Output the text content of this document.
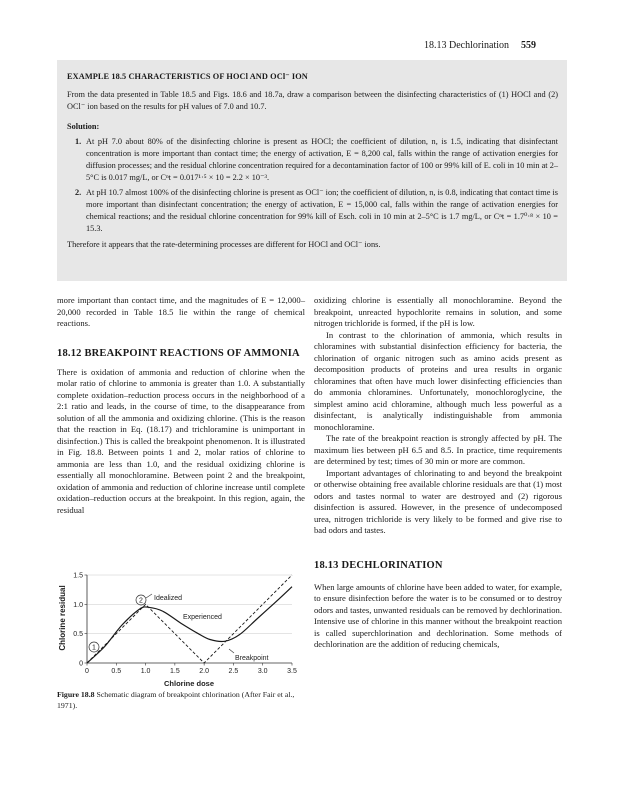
18.13 Dechlorination 559

EXAMPLE 18.5 CHARACTERISTICS OF HOCl AND OCl⁻ ION

From the data presented in Table 18.5 and Figs. 18.6 and 18.7a, draw a comparison between the disinfecting characteristics of (1) HOCl and (2) OCl⁻ ion based on the results for pH values of 7.0 and 10.7.

Solution:

1. At pH 7.0 about 80% of the disinfecting chlorine is present as HOCl; the coefficient of dilution, n, is 1.5, indicating that disinfectant concentration is more important than contact time; the energy of activation, E = 8,200 cal, falls within the range of activation energies for diffusion processes; and the residual chlorine concentration required for a decontamination factor of 100 or 99% kill of E. coli in 10 min at 2–5°C is 0.017 mg/L, or Cⁿt = 0.017¹·⁵ × 10 = 2.2 × 10⁻³.
2. At pH 10.7 almost 100% of the disinfecting chlorine is present as OCl⁻ ion; the coefficient of dilution, n, is 0.8, indicating that contact time is more important than disinfectant concentration; the energy of activation, E = 15,000 cal, falls within the range of activation energies for chemical reactions; and the residual chlorine concentration for 99% kill of Esch. coli in 10 min at 2–5°C is 1.7 mg/L, or Cⁿt = 1.7⁰·⁸ × 10 = 15.3.

Therefore it appears that the rate-determining processes are different for HOCl and OCl⁻ ions.

more important than contact time, and the magnitudes of E = 12,000–20,000 recorded in Table 18.5 lie within the range of chemical reactions.

18.12 BREAKPOINT REACTIONS OF AMMONIA

There is oxidation of ammonia and reduction of chlorine when the molar ratio of chlorine to ammonia is greater than 1.0. A substantially complete oxidation–reduction process occurs in the neighborhood of a 2:1 ratio and leads, in the course of time, to the disappearance from solution of all the ammonia and oxidizing chlorine. (This is the reason that the reaction in Eq. (18.17) and trichloramine is unimportant in disinfection.) This is called the breakpoint phenomenon. It is illustrated in Fig. 18.8. Between points 1 and 2, molar ratios of chlorine to ammonia are less than 1.0, and the residual oxidizing chlorine is essentially all monochloramine. Between point 2 and the breakpoint, oxidation of ammonia and reduction of chlorine increase until complete oxidation–reduction occurs at the breakpoint. In this region, again, the residual

oxidizing chlorine is essentially all monochloramine. Beyond the breakpoint, unreacted hypochlorite remains in solution, and some nitrogen trichloride is formed, if the pH is low.

In contrast to the chlorination of ammonia, which results in chloramines with substantial disinfection efficiency for bacteria, the chlorination of organic nitrogen such as amino acids present as decomposition products of proteins and urea results in organic chloramines that often have much lower disinfecting efficiencies than do ammonia chloramines. Unfortunately, monochloroglycine, the simplest amino acid chloramine, although much less powerful as a disinfectant, is analytically indistinguishable from ammonia monochloramine.

The rate of the breakpoint reaction is strongly affected by pH. The maximum lies between pH 6.5 and 8.5. In practice, time requirements are determined by test; times of 30 min or more are common.

Important advantages of chlorinating to and beyond the breakpoint or otherwise obtaining free available chlorine residuals are that (1) most odors and tastes normal to water are destroyed and (2) rigorous disinfection is assured. However, in the presence of undecomposed urea, nitrogen trichloride is very likely to be formed and give rise to bad odors and tastes.

18.13 DECHLORINATION

When large amounts of chlorine have been added to water, for example, to ensure disinfection before the water is to be consumed or to destroy odors and tastes, unwanted residuals can be removed by dechlorination. Intensive use of chlorine in this manner without the breakpoint reaction is called superchlorination and dechlorination. Some methods of dechlorination are the addition of reducing chemicals,

0	0.5	1.0	1.5	2.0	2.5	3.0	3.5
0
0.5
1.0
1.5
Chlorine residual
Chlorine dose
Idealized
Experienced
Breakpoint
1
2
Figure 18.8 Schematic diagram of breakpoint chlorination (After Fair et al., 1971).
